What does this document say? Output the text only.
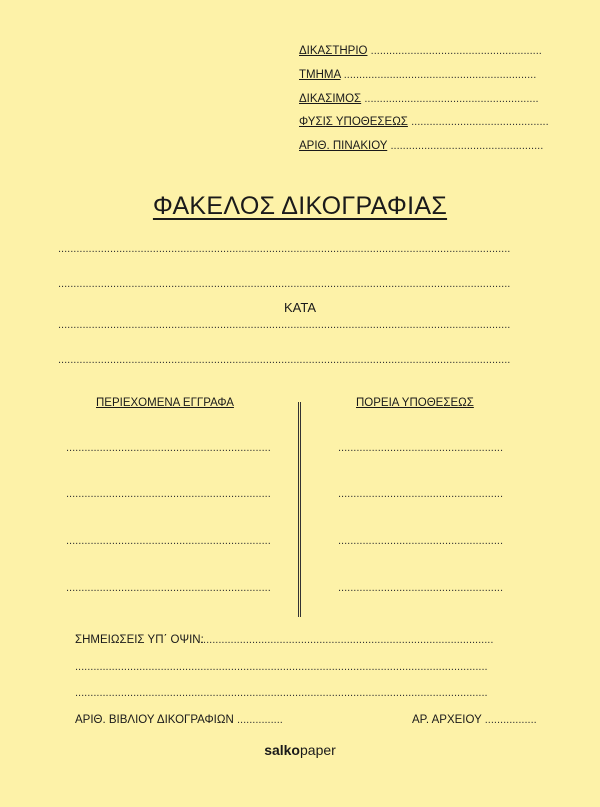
ΔΙΚΑΣΤΗΡΙΟ ........................................................
ΤΜΗΜΑ ...............................................................
ΔΙΚΑΣΙΜΟΣ .........................................................
ΦΥΣΙΣ ΥΠΟΘΕΣΕΩΣ .............................................
ΑΡΙΘ. ΠΙΝΑΚΙΟΥ ..................................................
ΦΑΚΕΛΟΣ ΔΙΚΟΓΡΑΦΙΑΣ
....................................................................................................................................................
....................................................................................................................................................
ΚΑΤΑ
....................................................................................................................................................
....................................................................................................................................................
ΠΕΡΙΕΧΟΜΕΝΑ ΕΓΓΡΑΦΑ	ΠΟΡΕΙΑ ΥΠΟΘΕΣΕΩΣ
...................................................................
...................................................................
...................................................................
...................................................................
......................................................
......................................................
......................................................
......................................................
ΣΗΜΕΙΩΣΕΙΣ ΥΠ΄ ΟΨΙΝ:
................................................................................................
.......................................................................................................................................
.......................................................................................................................................
ΑΡΙΘ. ΒΙΒΛΙΟΥ ΔΙΚΟΓΡΑΦΙΩΝ ...............	ΑΡ. ΑΡΧΕΙΟΥ .................
salkopaper
